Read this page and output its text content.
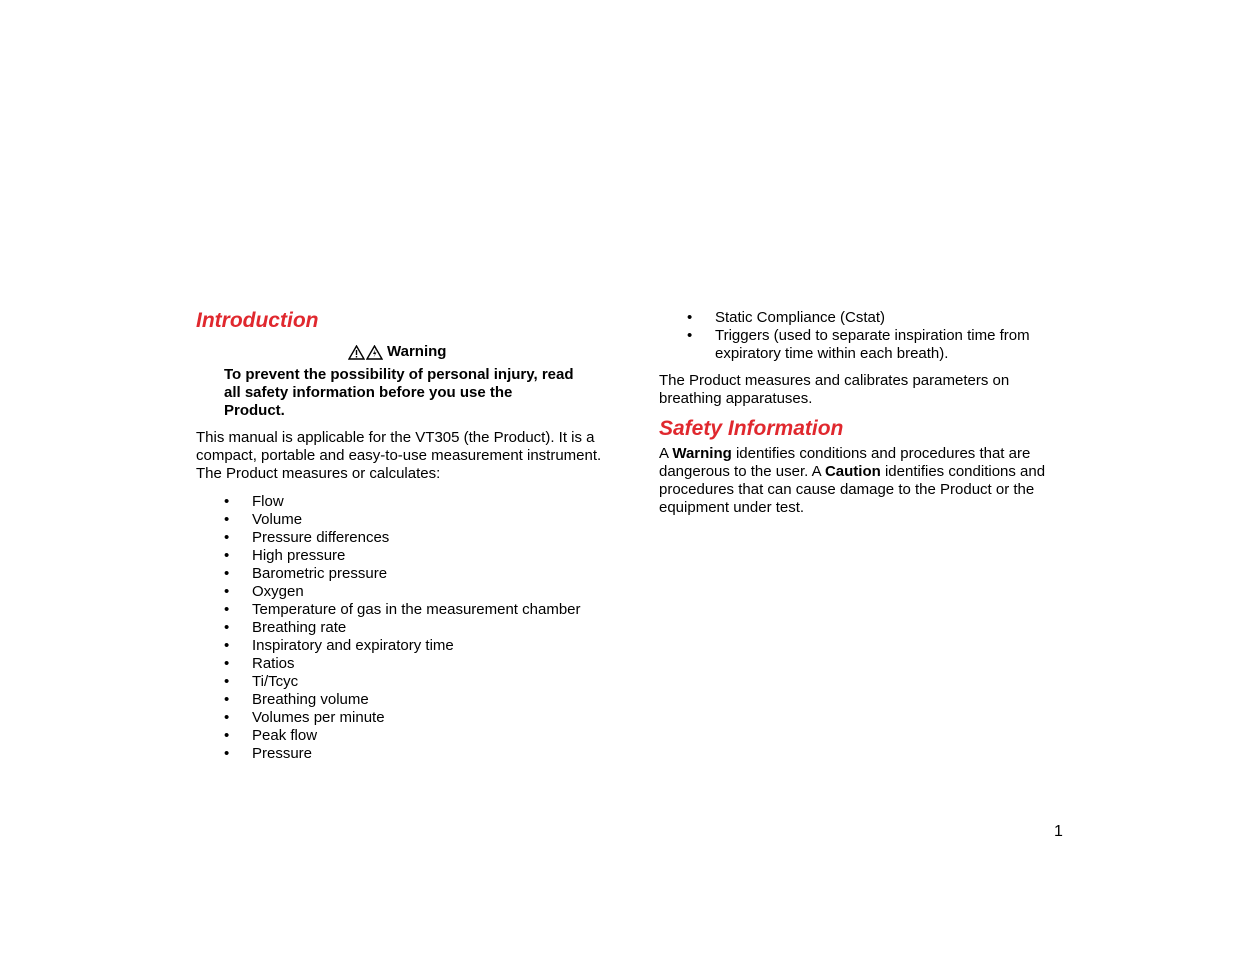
Introduction
Warning

To prevent the possibility of personal injury, read all safety information before you use the Product.

This manual is applicable for the VT305 (the Product). It is a compact, portable and easy-to-use measurement instrument. The Product measures or calculates:

•	Flow
•	Volume
•	Pressure differences
•	High pressure
•	Barometric pressure
•	Oxygen
•	Temperature of gas in the measurement chamber
•	Breathing rate
•	Inspiratory and expiratory time
•	Ratios
•	Ti/Tcyc
•	Breathing volume
•	Volumes per minute
•	Peak flow
•	Pressure
•	Static Compliance (Cstat)
•	Triggers (used to separate inspiration time from expiratory time within each breath).

The Product measures and calibrates parameters on breathing apparatuses.

Safety Information

A Warning identifies conditions and procedures that are dangerous to the user. A Caution identifies conditions and procedures that can cause damage to the Product or the equipment under test.

1
